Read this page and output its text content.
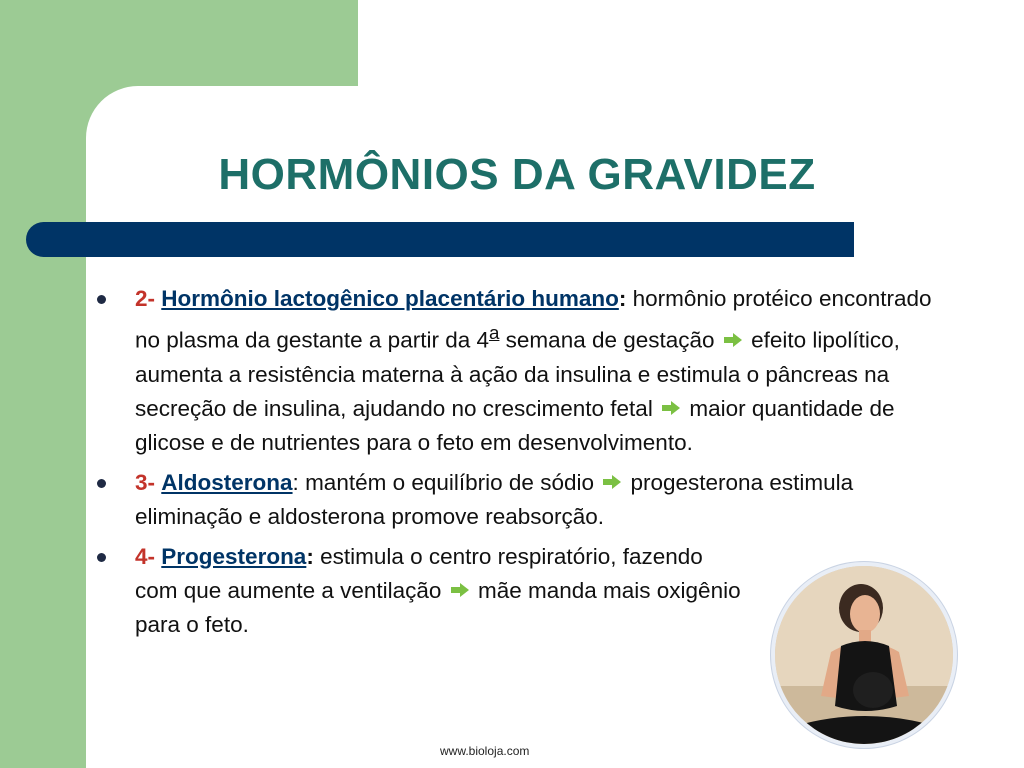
HORMÔNIOS DA GRAVIDEZ
2- Hormônio lactogênico placentário humano: hormônio protéico encontrado no plasma da gestante a partir da 4$^a$ semana de gestação  efeito lipolítico, aumenta a resistência materna à ação da insulina e estimula o pâncreas na secreção de insulina, ajudando no crescimento fetal  maior quantidade de glicose e de nutrientes para o feto em desenvolvimento.
3- Aldosterona: mantém o equilíbrio de sódio  progesterona estimula eliminação e aldosterona promove reabsorção.
4- Progesterona: estimula o centro respiratório, fazendo com que aumente a ventilação  mãe manda mais oxigênio para o feto.
www.bioloja.com
